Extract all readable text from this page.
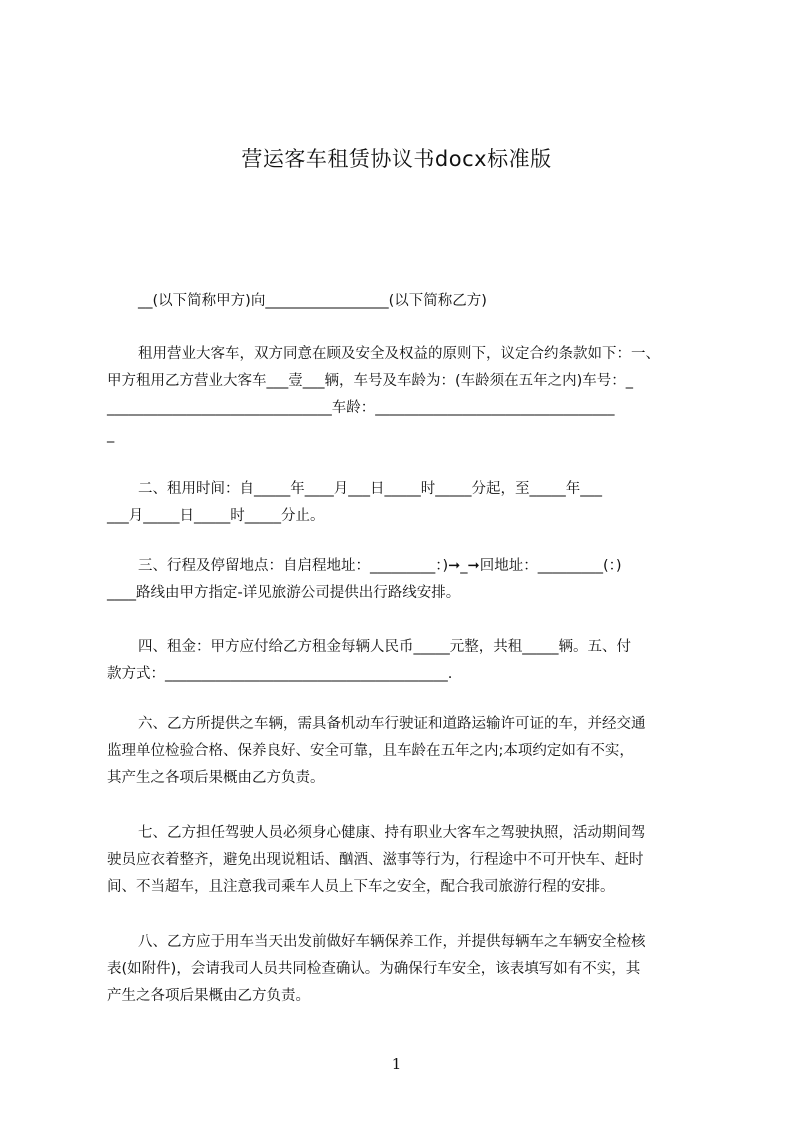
营运客车租赁协议书docx标准版
__(以下简称甲方)向_________________(以下简称乙方)
租用营业大客车，双方同意在顾及安全及权益的原则下，议定合约条款如下：一、
甲方租用乙方营业大客车___壹___辆，车号及车龄为：(车龄须在五年之内)车号：_
_______________________________车龄：_________________________________
_
二、租用时间：自_____年____月___日_____时_____分起，至_____年___
___月_____日_____时_____分止。
三、行程及停留地点：自启程地址：_________：)➞_➞回地址：_________(：)
____路线由甲方指定-详见旅游公司提供出行路线安排。
四、租金：甲方应付给乙方租金每辆人民币_____元整，共租_____辆。五、付
款方式：_______________________________________.
六、乙方所提供之车辆，需具备机动车行驶证和道路运输许可证的车，并经交通
监理单位检验合格、保养良好、安全可靠，且车龄在五年之内;本项约定如有不实，
其产生之各项后果概由乙方负责。
七、乙方担任驾驶人员必须身心健康、持有职业大客车之驾驶执照，活动期间驾
驶员应衣着整齐，避免出现说粗话、酗酒、滋事等行为，行程途中不可开快车、赶时
间、不当超车，且注意我司乘车人员上下车之安全，配合我司旅游行程的安排。
八、乙方应于用车当天出发前做好车辆保养工作，并提供每辆车之车辆安全检核
表(如附件)，会请我司人员共同检查确认。为确保行车安全，该表填写如有不实，其
产生之各项后果概由乙方负责。
1
